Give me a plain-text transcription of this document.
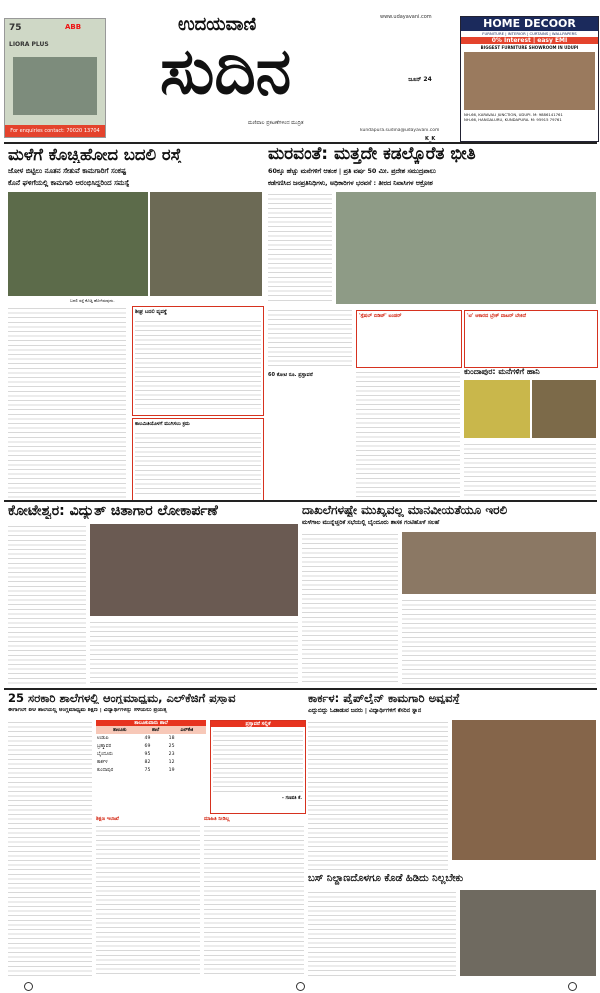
75
LIORA PLUS
ABB
For enquiries contact: 70020 13704
ಉದಯವಾಣಿ
ಸುದಿನ
www.udayavani.com
ಜೂನ್ 24
ಮಣಿಪಾಲ ಪ್ರಕಟಣೆಗಳಿಂದ ಮುದ್ರಿತ
kundapura.sudina@udayavani.com
K_K
HOME DECOOR
FURNITURE | INTERIOR | CURTAINS | WALLPAPERS
0% Interest | easy EMI
BIGGEST FURNITURE SHOWROOM IN UDUPI
NH-66, KARAVALI JUNCTION, UDUPI. M: 9886141761
NH-66, HANGALURU, KUNDAPURA. M: 95915 79761
ಮಳೆಗೆ ಕೊಚ್ಚಿಹೋದ ಬದಲಿ ರಸ್ತೆ
ಜೋಳ ಬಿಟ್ಟಿಲು ನೂತನ ಸೇತುವೆ ಕಾಮಗಾರಿಗೆ ಸಂಕಷ್ಟ
ಕೊನೆ ಘಳಿಗೆಯಲ್ಲಿ ಕಾಮಗಾರಿ ಆರಂಭಿಸಿದ್ದರಿಂದ ಸಮಸ್ಯೆ
ಬದಲಿ ರಸ್ತೆ ಕೊಚ್ಚಿ ಹೋಗಿರುವುದು.
ಶೀಘ್ರ ಬದಲಿ ವ್ಯವಸ್ಥೆ
ಕಾಲಮಿತಿಯೊಳಗೆ ಮುಗಿಸಲು ಕ್ರಮ
ಮರವಂತೆ: ಮತ್ತದೇ ಕಡಲ್ಕೊರೆತ ಭೀತಿ
60ಕ್ಕೂ ಹೆಚ್ಚು ಮನೆಗಳಿಗೆ ಆತಂಕ | ಪ್ರತಿ ವರ್ಷ 50 ಮೀ. ಪ್ರದೇಶ ಸಮುದ್ರಪಾಲು
ಕಡೆಗಣಿಸಿದ ಜನಪ್ರತಿನಿಧಿಗಳು, ಅಧಿಕಾರಿಗಳ ಭರವಸೆ : ತೀರದ ನಿವಾಸಿಗಳ ಆಕ್ರೋಶ
60 ಕೋಟಿ ರೂ. ಪ್ರಸ್ತಾವನೆ
'ಸ್ಪೆಷಲ್ ಬಿಡಿಟ್' ಟಂಡರ್	'ಟಿ' ಆಕಾರದ ಬ್ರೇಕ್ ವಾಟರ್ ಬೇಕಿದೆ
ಕುಂದಾಪುರ: ಮನೆಗಳಿಗೆ ಹಾನಿ
ಕೋಟೇಶ್ವರ: ವಿದ್ಯುತ್ ಚಿತಾಗಾರ ಲೋಕಾರ್ಪಣೆ	ದಾಖಲೆಗಳಷ್ಟೇ ಮುಖ್ಯವಲ್ಲ ಮಾನವೀಯತೆಯೂ ಇರಲಿ
ಮಳೆಗಾಲ ಮುನ್ನೆಚ್ಚರಿಕೆ ಸಭೆಯಲ್ಲಿ ಬೈಂದೂರು ಶಾಸಕ ಗಂಟಿಹೊಳೆ ಸಲಹೆ
25 ಸರಕಾರಿ ಶಾಲೆಗಳಲ್ಲಿ ಆಂಗ್ಲಮಾಧ್ಯಮ, ಎಲ್‌ಕೆಜಿಗೆ ಪ್ರಸ್ತಾವ
ಈಗಾಗಲೇ 80 ಶಾಲೆಯಲ್ಲಿ ಆಂಗ್ಲಮಾಧ್ಯಮ ಶಿಕ್ಷಣ | ವಿದ್ಯಾರ್ಥಿಗಳನ್ನು ಸೆಳೆಯಲು ಪ್ರಯತ್ನ
ತಾಲೂಕುವಾರು ಶಾಲೆ
ತಾಲೂಕು	ಶಾಲೆ	ಎಲ್‌ಕೆಜಿ
ಉಡುಪಿ	49	18
ಬ್ರಹ್ಮಾವರ	69	25
ಬೈಂದೂರು	95	23
ಕಾರ್ಕಳ	82	12
ಕುಂದಾಪುರ	75	19
ಪ್ರಸ್ತಾವನೆ ಸಲ್ಲಿಕೆ
– ಗಣಪತಿ ಕೆ.
ಶಿಕ್ಷಣ ಇಲಾಖೆ	ಮಾಹಿತಿ ನೀಡಿಲ್ಲ
ಕಾರ್ಕಳ: ಪೈಪ್‌ಲೈನ್ ಕಾಮಗಾರಿ ಅವ್ಯವಸ್ಥೆ
ಎದ್ದುಬಿದ್ದು ಓಡಾಡುವ ಜನರು | ವಿದ್ಯಾರ್ಥಿಗಳಿಗೆ ಕೆಸರಿನ ಸ್ನಾನ
ಬಸ್ ನಿಲ್ದಾಣದೊಳಗೂ ಕೊಡೆ ಹಿಡಿದು ನಿಲ್ಲಬೇಕು
